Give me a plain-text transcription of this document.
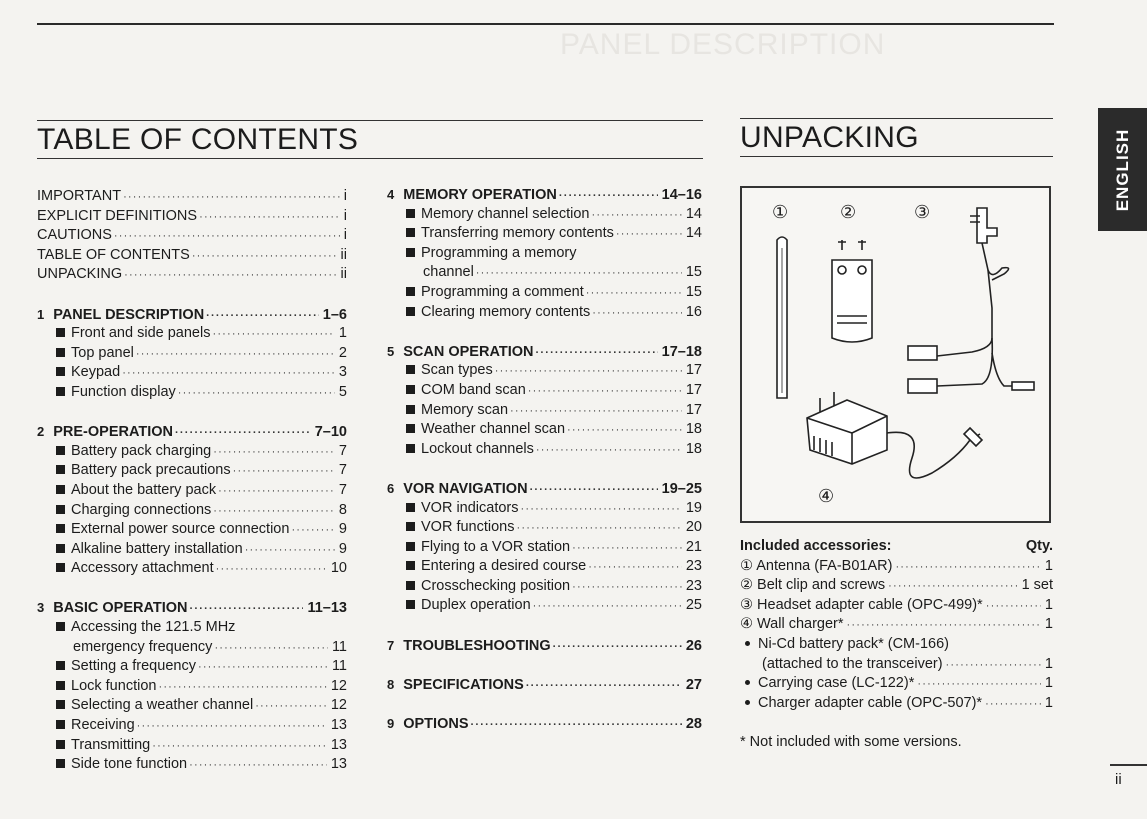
PANEL DESCRIPTION
TABLE OF CONTENTS	UNPACKING
IMPORTANT ·····	i
EXPLICIT DEFINITIONS ·····	i
CAUTIONS ·····	i
TABLE OF CONTENTS ·····	ii
UNPACKING ·····	ii
1 PANEL DESCRIPTION ·····	1–6
Front and side panels ·····	1
Top panel ·····	2
Keypad ·····	3
Function display ·····	5
2 PRE-OPERATION ·····	7–10
Battery pack charging ·····	7
Battery pack precautions ·····	7
About the battery pack ·····	7
Charging connections ·····	8
External power source connection ·····	9
Alkaline battery installation ·····	9
Accessory attachment ·····	10
3 BASIC OPERATION ·····	11–13
Accessing the 121.5 MHz
emergency frequency ·····	11
Setting a frequency ·····	11
Lock function ·····	12
Selecting a weather channel ·····	12
Receiving ·····	13
Transmitting ·····	13
Side tone function ·····	13
4 MEMORY OPERATION ·····	14–16
Memory channel selection ·····	14
Transferring memory contents ·····	14
Programming a memory
channel ·····	15
Programming a comment ·····	15
Clearing memory contents ·····	16
5 SCAN OPERATION ·····	17–18
Scan types ·····	17
COM band scan ·····	17
Memory scan ·····	17
Weather channel scan ·····	18
Lockout channels ·····	18
6 VOR NAVIGATION ·····	19–25
VOR indicators ·····	19
VOR functions ·····	20
Flying to a VOR station ·····	21
Entering a desired course ·····	23
Crosschecking position ·····	23
Duplex operation ·····	25
7 TROUBLESHOOTING ·····	26
8 SPECIFICATIONS ·····	27
9 OPTIONS ·····	28
①	②	③
④
Included accessories:	Qty.
① Antenna (FA-B01AR) ·····	1
② Belt clip and screws ·····	1 set
③ Headset adapter cable (OPC-499)* ·····	1
④ Wall charger* ·····	1
Ni-Cd battery pack* (CM-166)
(attached to the transceiver) ·····	1
Carrying case (LC-122)* ·····	1
Charger adapter cable (OPC-507)* ·····	1
* Not included with some versions.
ENGLISH
ii
